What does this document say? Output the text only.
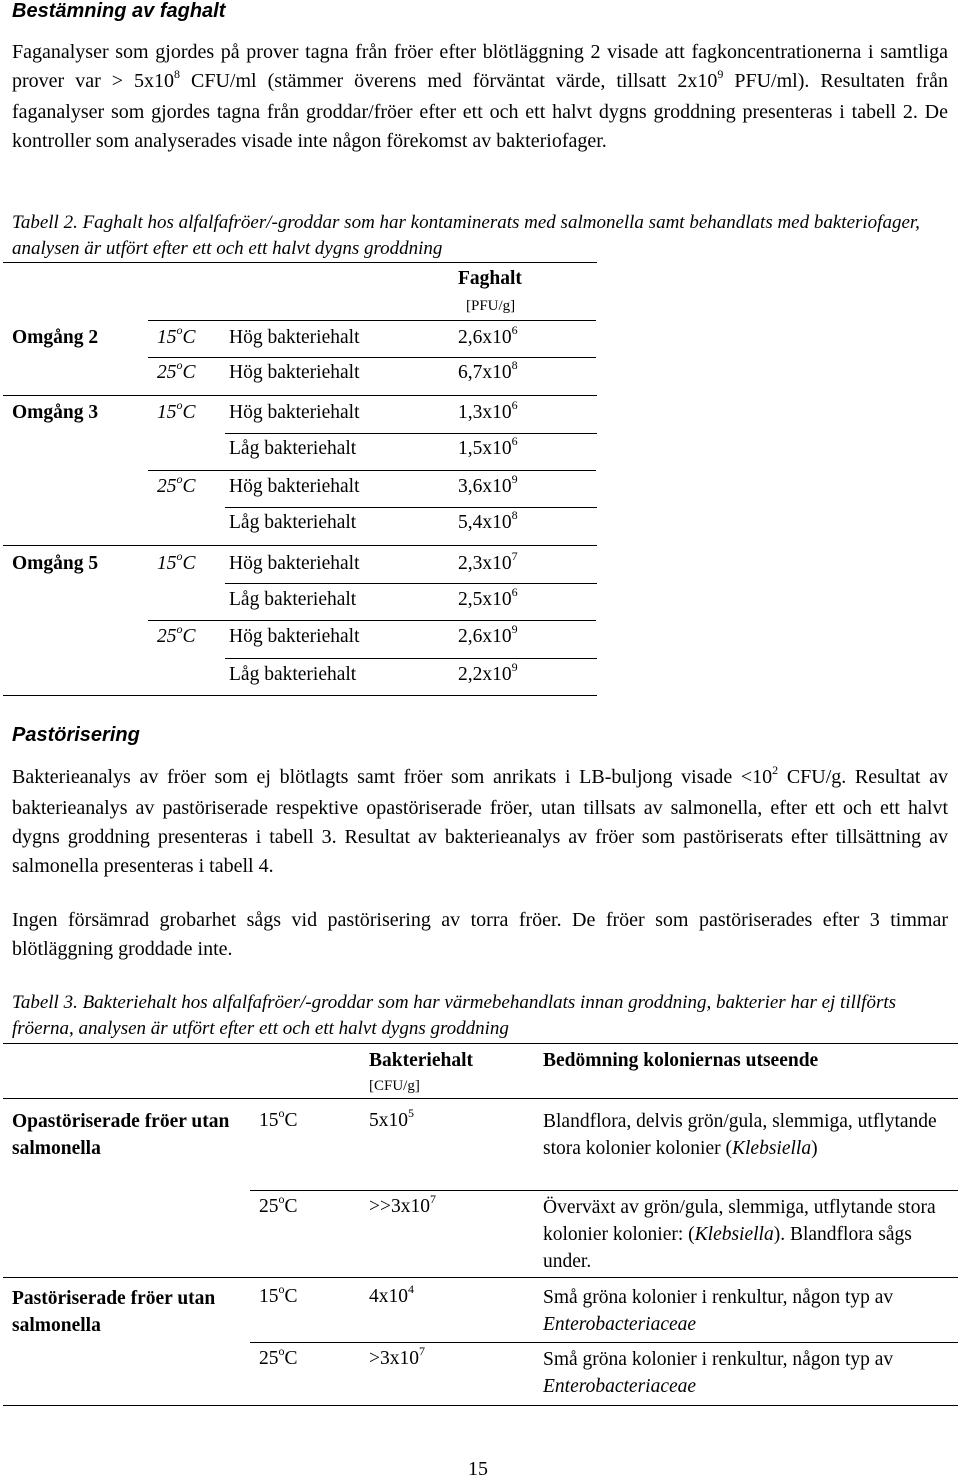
Bestämning av faghalt
Faganalyser som gjordes på prover tagna från fröer efter blötläggning 2 visade att fagkoncentrationerna i samtliga prover var > $5x10^8$ CFU/ml (stämmer överens med förväntat värde, tillsatt $2x10^9$ PFU/ml). Resultaten från faganalyser som gjordes tagna från groddar/fröer efter ett och ett halvt dygns groddning presenteras i tabell 2. De kontroller som analyserades visade inte någon förekomst av bakteriofager.
Tabell 2. Faghalt hos alfalfafröer/-groddar som har kontaminerats med salmonella samt behandlats med bakteriofager, analysen är utfört efter ett och ett halvt dygns groddning
Faghalt
[PFU/g]
Omgång 2	15$^o$C Hög bakteriehalt	$2,6x10^6$
25$^o$C Hög bakteriehalt	$6,7x10^8$
Omgång 3	15$^o$C Hög bakteriehalt	$1,3x10^6$
Låg bakteriehalt	$1,5x10^6$
25$^o$C Hög bakteriehalt	$3,6x10^9$
Låg bakteriehalt	$5,4x10^8$
Omgång 5	15$^o$C Hög bakteriehalt	$2,3x10^7$
Låg bakteriehalt	$2,5x10^6$
25$^o$C Hög bakteriehalt	$2,6x10^9$
Låg bakteriehalt	$2,2x10^9$
Pastörisering
Bakterieanalys av fröer som ej blötlagts samt fröer som anrikats i LB-buljong visade $<10^2$ CFU/g. Resultat av bakterieanalys av pastöriserade respektive opastöriserade fröer, utan tillsats av salmonella, efter ett och ett halvt dygns groddning presenteras i tabell 3. Resultat av bakterieanalys av fröer som pastöriserats efter tillsättning av salmonella presenteras i tabell 4.
Ingen försämrad grobarhet sågs vid pastörisering av torra fröer. De fröer som pastöriserades efter 3 timmar blötläggning groddade inte.
Tabell 3. Bakteriehalt hos alfalfafröer/-groddar som har värmebehandlats innan groddning, bakterier har ej tillförts fröerna, analysen är utfört efter ett och ett halvt dygns groddning
Bakteriehalt
[CFU/g]
Bedömning koloniernas utseende
Opastöriserade fröer utan salmonella
15$^o$C	$5x10^5$	Blandflora, delvis grön/gula, slemmiga, utflytande stora kolonier kolonier (Klebsiella)
$25^oC$	$>>3x10^7$	Överväxt av grön/gula, slemmiga, utflytande stora kolonier kolonier: (Klebsiella). Blandflora sågs under.
Pastöriserade fröer utan salmonella
15$^o$C	$4x10^4$	Små gröna kolonier i renkultur, någon typ av Enterobacteriaceae
$25^oC$	$>3x10^7$	Små gröna kolonier i renkultur, någon typ av Enterobacteriaceae
15
